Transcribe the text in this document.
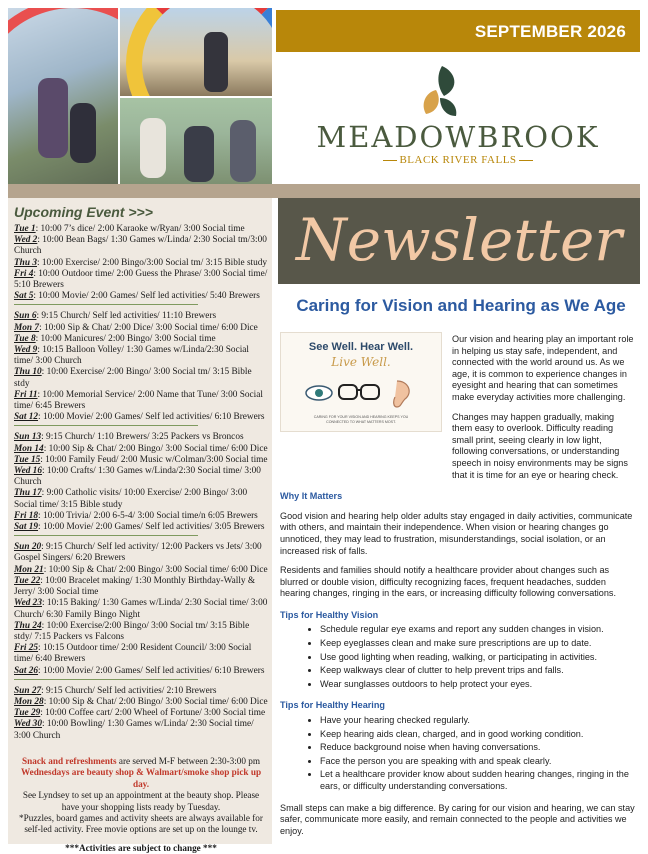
SEPTEMBER 2026
MEADOWBROOK
BLACK RIVER FALLS
Upcoming Event >>>

Tue 1: 10:00 7’s dice/ 2:00 Karaoke w/Ryan/ 3:00 Social time

Wed 2: 10:00 Bean Bags/ 1:30 Games w/Linda/ 2:30 Social tm/3:00 Church

Thu 3: 10:00 Exercise/ 2:00 Bingo/3:00 Social tm/ 3:15 Bible study

Fri 4: 10:00 Outdoor time/ 2:00 Guess the Phrase/ 3:00 Social time/ 5:10 Brewers

Sat 5: 10:00 Movie/ 2:00 Games/ Self led activities/ 5:40 Brewers

Sun 6: 9:15 Church/ Self led activities/ 11:10 Brewers

Mon 7: 10:00 Sip & Chat/ 2:00 Dice/ 3:00 Social time/ 6:00 Dice

Tue 8: 10:00 Manicures/ 2:00 Bingo/ 3:00 Social time

Wed 9: 10:15 Balloon Volley/ 1:30 Games w/Linda/2:30 Social time/ 3:00 Church

Thu 10: 10:00 Exercise/ 2:00 Bingo/ 3:00 Social tm/ 3:15 Bible stdy

Fri 11: 10:00 Memorial Service/ 2:00 Name that Tune/ 3:00 Social time/ 6:45 Brewers

Sat 12: 10:00 Movie/ 2:00 Games/ Self led activities/ 6:10 Brewers

Sun 13: 9:15 Church/ 1:10 Brewers/ 3:25 Packers vs Broncos

Mon 14: 10:00 Sip & Chat/ 2:00 Bingo/ 3:00 Social time/ 6:00 Dice

Tue 15: 10:00 Family Feud/ 2:00 Music w/Colman/3:00 Social time

Wed 16: 10:00 Crafts/ 1:30 Games w/Linda/2:30 Social time/ 3:00 Church

Thu 17: 9:00 Catholic visits/ 10:00 Exercise/ 2:00 Bingo/ 3:00 Social time/ 3:15 Bible study

Fri 18: 10:00 Trivia/ 2:00 6-5-4/ 3:00 Social time/n 6:05 Brewers

Sat 19: 10:00 Movie/ 2:00 Games/ Self led activities/ 3:05 Brewers

Sun 20: 9:15 Church/ Self led activity/ 12:00 Packers vs Jets/ 3:00 Gospel Singers/ 6:20 Brewers

Mon 21: 10:00 Sip & Chat/ 2:00 Bingo/ 3:00 Social time/ 6:00 Dice

Tue 22: 10:00 Bracelet making/ 1:30 Monthly Birthday-Wally & Jerry/ 3:00 Social time

Wed 23: 10:15 Baking/ 1:30 Games w/Linda/ 2:30 Social time/ 3:00 Church/ 6:30 Family Bingo Night

Thu 24: 10:00 Exercise/2:00 Bingo/ 3:00 Social tm/ 3:15 Bible stdy/ 7:15 Packers vs Falcons

Fri 25: 10:15 Outdoor time/ 2:00 Resident Council/ 3:00 Social time/ 6:40 Brewers

Sat 26: 10:00 Movie/ 2:00 Games/ Self led activities/ 6:10 Brewers

Sun 27: 9:15 Church/ Self led activities/ 2:10 Brewers

Mon 28: 10:00 Sip & Chat/ 2:00 Bingo/ 3:00 Social time/ 6:00 Dice

Tue 29: 10:00 Coffee cart/ 2:00 Wheel of Fortune/ 3:00 Social time

Wed 30: 10:00 Bowling/ 1:30 Games w/Linda/ 2:30 Social time/ 3:00 Church

Snack and refreshments are served M-F between 2:30-3:00 pm
Wednesdays are beauty shop & Walmart/smoke shop pick up day.
See Lyndsey to set up an appointment at the beauty shop. Please have your shopping lists ready by Tuesday.
*Puzzles, board games and activity sheets are always available for self-led activity. Free movie options are set up on the lounge tv.
***Activities are subject to change ***
Newsletter
Caring for Vision and Hearing as We Age
See Well. Hear Well.
Live Well.
CARING FOR YOUR VISION AND HEARING KEEPS YOU CONNECTED TO WHAT MATTERS MOST.

Our vision and hearing play an important role in helping us stay safe, independent, and connected with the world around us. As we age, it is common to experience changes in eyesight and hearing that can sometimes make everyday activities more challenging.

Changes may happen gradually, making them easy to overlook. Difficulty reading small print, seeing clearly in low light, following conversations, or understanding speech in noisy environments may be signs that it is time for an eye or hearing check.

Why It Matters

Good vision and hearing help older adults stay engaged in daily activities, communicate with others, and maintain their independence. When vision or hearing changes go unnoticed, they may lead to frustration, misunderstandings, social isolation, or an increased risk of falls.

Residents and families should notify a healthcare provider about changes such as blurred or double vision, difficulty recognizing faces, frequent headaches, sudden hearing changes, ringing in the ears, or increasing difficulty following conversations.

Tips for Healthy Vision

• Schedule regular eye exams and report any sudden changes in vision.
• Keep eyeglasses clean and make sure prescriptions are up to date.
• Use good lighting when reading, walking, or participating in activities.
• Keep walkways clear of clutter to help prevent trips and falls.
• Wear sunglasses outdoors to help protect your eyes.

Tips for Healthy Hearing

• Have your hearing checked regularly.
• Keep hearing aids clean, charged, and in good working condition.
• Reduce background noise when having conversations.
• Face the person you are speaking with and speak clearly.
• Let a healthcare provider know about sudden hearing changes, ringing in the ears, or difficulty understanding conversations.

Small steps can make a big difference. By caring for our vision and hearing, we can stay safer, communicate more easily, and remain connected to the people and activities we enjoy.
